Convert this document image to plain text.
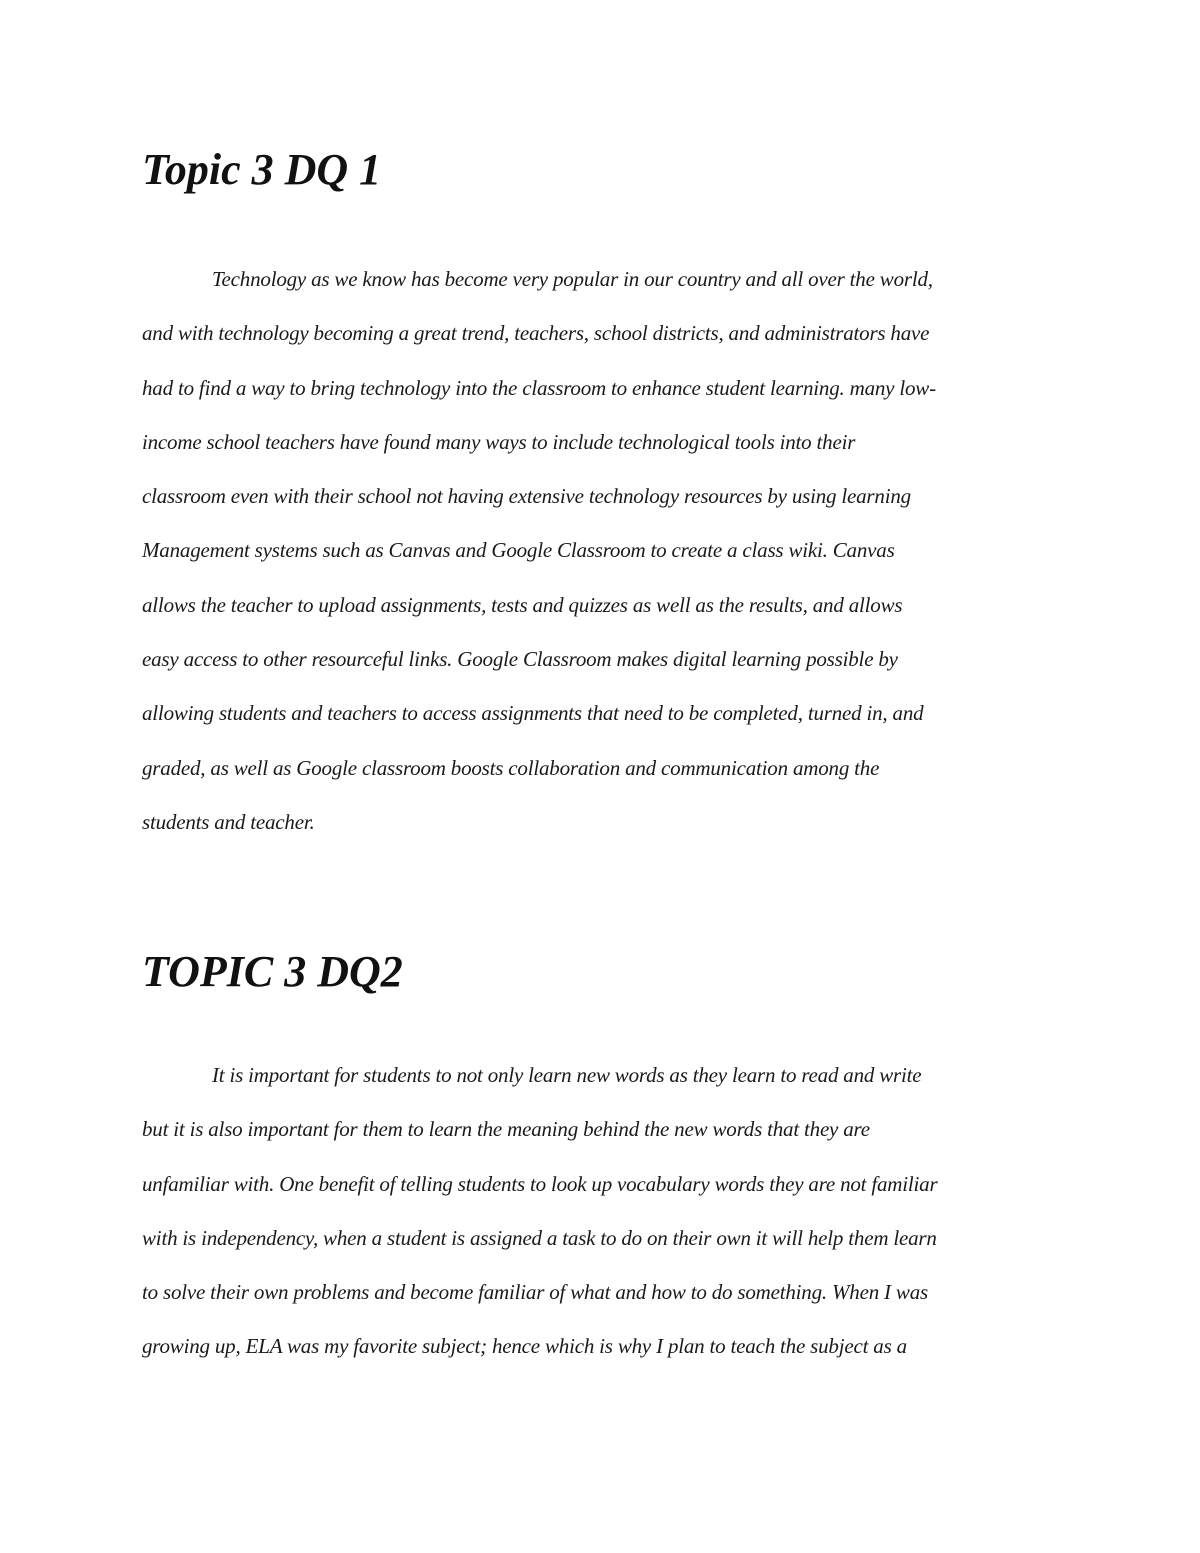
Topic 3 DQ 1
Technology as we know has become very popular in our country and all over the world,
and with technology becoming a great trend, teachers, school districts, and administrators have
had to find a way to bring technology into the classroom to enhance student learning. many low-
income school teachers have found many ways to include technological tools into their
classroom even with their school not having extensive technology resources by using learning
Management systems such as Canvas and Google Classroom to create a class wiki. Canvas
allows the teacher to upload assignments, tests and quizzes as well as the results, and allows
easy access to other resourceful links. Google Classroom makes digital learning possible by
allowing students and teachers to access assignments that need to be completed, turned in, and
graded, as well as Google classroom boosts collaboration and communication among the
students and teacher.
TOPIC 3 DQ2
It is important for students to not only learn new words as they learn to read and write
but it is also important for them to learn the meaning behind the new words that they are
unfamiliar with. One benefit of telling students to look up vocabulary words they are not familiar
with is independency, when a student is assigned a task to do on their own it will help them learn
to solve their own problems and become familiar of what and how to do something. When I was
growing up, ELA was my favorite subject; hence which is why I plan to teach the subject as a
